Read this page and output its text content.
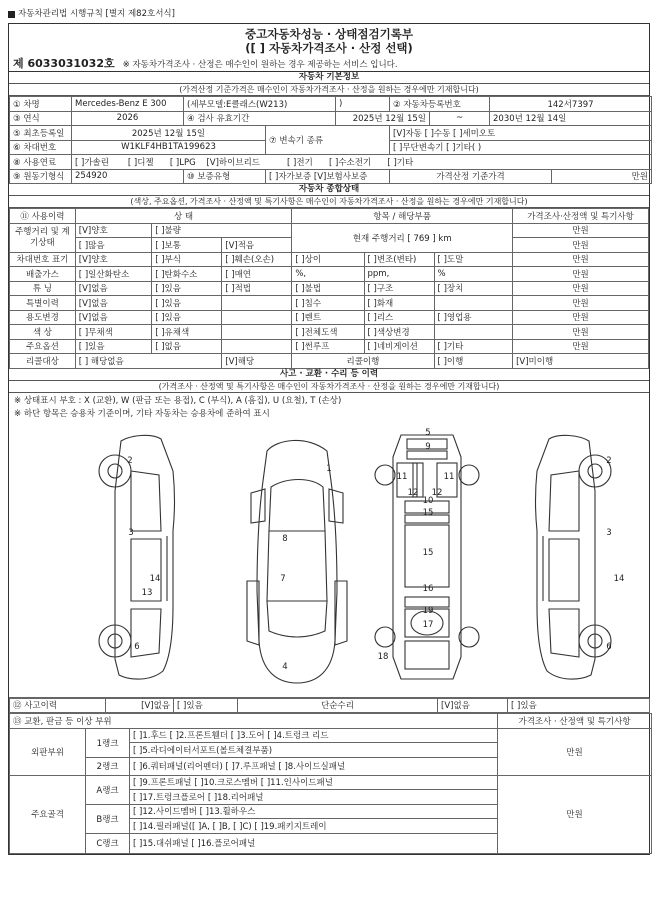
자동차관리법 시행규칙 [별지 제82호서식]
중고자동차성능 · 상태점검기록부
([ ] 자동차가격조사 · 산정 선택)
제 6033031032호 ※ 자동차가격조사 · 산정은 매수인이 원하는 경우 제공하는 서비스 입니다.
자동차 기본정보
(가격산정 기준가격은 매수인이 자동차가격조사 · 산정을 원하는 경우에만 기재합니다)
① 차명	Mercedes-Benz E 300	(세부모델:E클래스(W213)		)	② 자동차등록번호		142서7397	
③ 연식	2026	④ 검사 유효기간		2025년 12월 15일		~	2030년 12월 14일	
⑤ 최초등록일	2025년 12월 15일		⑦ 변속기 종류		[V]자동 [ ]수동 [ ]세미오토			
⑥ 차대번호	W1KLF4HB1TA199623				[ ]무단변속기 [ ]기타( )			
⑧ 사용연료	[ ]가솔린 [ ]디젤 [ ]LPG [V]하이브리드 [ ]전기 [ ]수소전기 [ ]기타							
⑨ 원동기형식	254920	⑩ 보증유형	[ ]자가보증 [V]보험사보증		가격산정 기준가격			만원
자동차 종합상태
(색상, 주요옵션, 가격조사 · 산정액 및 특기사항은 매수인이 자동차가격조사 · 산정을 원하는 경우에만 기재합니다)
⑪ 사용이력	상 태			항목 / 해당부품			가격조사·산정액 및 특기사항
주행거리 및 계기상태	[V]양호	[ ]불량		현재 주행거리 [ 769 ] km			만원
	[ ]많음	[ ]보통	[V]적음				만원
차대번호 표기	[V]양호	[ ]부식	[ ]훼손(오손)	[ ]상이	[ ]변조(변타)	[ ]도말	만원
배출가스	[ ]일산화탄소	[ ]탄화수소	[ ]매연	%,	ppm,	%	만원
튜 닝	[V]없음	[ ]있음	[ ]적법	[ ]불법	[ ]구조	[ ]장치	만원
특별이력	[V]없음	[ ]있음		[ ]침수	[ ]화재		만원
용도변경	[V]없음	[ ]있음		[ ]렌트	[ ]리스	[ ]영업용	만원
색 상	[ ]무채색	[ ]유채색		[ ]전체도색	[ ]색상변경		만원
주요옵션	[ ]있음	[ ]없음		[ ]썬루프	[ ]네비게이션	[ ]기타	만원
리콜대상	[ ] 해당없음		[V]해당	리콜이행		[ ]이행	[V]미이행
사고 · 교환 · 수리 등 이력
(가격조사 · 산정액 및 특기사항은 매수인이 자동차가격조사 · 산정을 원하는 경우에만 기재합니다)
※ 상태표시 부호 : X (교환), W (판금 또는 용접), C (부식), A (흠집), U (요철), T (손상)
※ 하단 항목은 승용차 기준이며, 기타 자동차는 승용차에 준하여 표시
1
2
3
4
5
6
7
8
9
10
11
12
13
14
15
15
16
17
18
19
2
3
6
14
11
12
⑫ 사고이력	[V]없음	[ ]있음	단순수리	[V]없음	[ ]있음
⑬ 교환, 판금 등 이상 부위			가격조사 · 산정액 및 특기사항
외판부위	1랭크	[ ]1.후드 [ ]2.프론트휀더 [ ]3.도어 [ ]4.트렁크 리드	만원
		[ ]5.라디에이터서포트(볼트체결부품)	
	2랭크	[ ]6.쿼터패널(리어펜더) [ ]7.루프패널 [ ]8.사이드실패널	
주요골격	A랭크	[ ]9.프론트패널 [ ]10.크로스멤버 [ ]11.인사이드패널	만원
		[ ]17.트렁크플로어 [ ]18.리어패널	
	B랭크	[ ]12.사이드멤버 [ ]13.휠하우스	
		[ ]14.필러패널([ ]A, [ ]B, [ ]C) [ ]19.패키지트레이	
	C랭크	[ ]15.대쉬패널 [ ]16.플로어패널	
